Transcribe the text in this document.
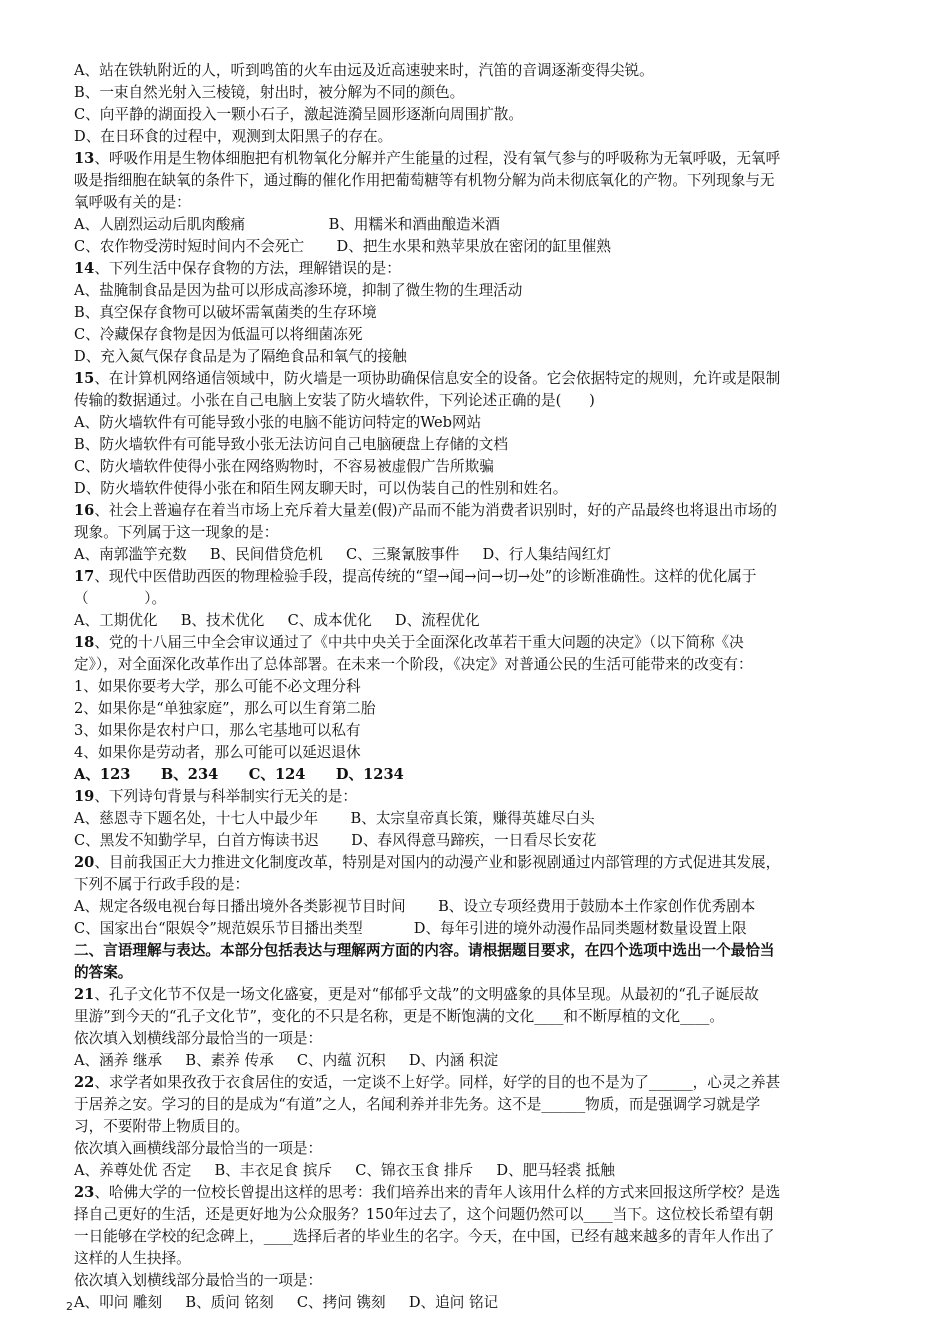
A、站在铁轨附近的人，听到鸣笛的火车由远及近高速驶来时，汽笛的音调逐渐变得尖锐。
B、一束自然光射入三棱镜，射出时，被分解为不同的颜色。
C、向平静的湖面投入一颗小石子，激起涟漪呈圆形逐渐向周围扩散。
D、在日环食的过程中，观测到太阳黑子的存在。
13、呼吸作用是生物体细胞把有机物氧化分解并产生能量的过程，没有氧气参与的呼吸称为无氧呼吸，无氧呼
吸是指细胞在缺氧的条件下，通过酶的催化作用把葡萄糖等有机物分解为尚未彻底氧化的产物。下列现象与无
氧呼吸有关的是：
A、人剧烈运动后肌肉酸痛                  B、用糯米和酒曲酿造米酒
C、农作物受涝时短时间内不会死亡       D、把生水果和熟苹果放在密闭的缸里催熟
14、下列生活中保存食物的方法，理解错误的是：
A、盐腌制食品是因为盐可以形成高渗环境，抑制了微生物的生理活动
B、真空保存食物可以破坏需氧菌类的生存环境
C、冷藏保存食物是因为低温可以将细菌冻死
D、充入氮气保存食品是为了隔绝食品和氧气的接触
15、在计算机网络通信领域中，防火墙是一项协助确保信息安全的设备。它会依据特定的规则，允许或是限制
传输的数据通过。小张在自己电脑上安装了防火墙软件，下列论述正确的是(      )
A、防火墙软件有可能导致小张的电脑不能访问特定的Web网站
B、防火墙软件有可能导致小张无法访问自己电脑硬盘上存储的文档
C、防火墙软件使得小张在网络购物时，不容易被虚假广告所欺骗
D、防火墙软件使得小张在和陌生网友聊天时，可以伪装自己的性别和姓名。
16、社会上普遍存在着当市场上充斥着大量差(假)产品而不能为消费者识别时，好的产品最终也将退出市场的
现象。下列属于这一现象的是：
A、南郭滥竽充数     B、民间借贷危机     C、三聚氰胺事件     D、行人集结闯红灯
17、现代中医借助西医的物理检验手段，提高传统的“望→闻→问→切→处”的诊断准确性。这样的优化属于
（            ）。
A、工期优化     B、技术优化     C、成本优化     D、流程优化
18、党的十八届三中全会审议通过了《中共中央关于全面深化改革若干重大问题的决定》（以下简称《决
定》），对全面深化改革作出了总体部署。在未来一个阶段，《决定》对普通公民的生活可能带来的改变有：
1、如果你要考大学，那么可能不必文理分科
2、如果你是“单独家庭”，那么可以生育第二胎
3、如果你是农村户口，那么宅基地可以私有
4、如果你是劳动者，那么可能可以延迟退休
A、123      B、234      C、124      D、1234
19、下列诗句背景与科举制实行无关的是：
A、慈恩寺下题名处，十七人中最少年       B、太宗皇帝真长策，赚得英雄尽白头
C、黑发不知勤学早，白首方悔读书迟       D、春风得意马蹄疾，一日看尽长安花
20、目前我国正大力推进文化制度改革，特别是对国内的动漫产业和影视剧通过内部管理的方式促进其发展，
下列不属于行政手段的是：
A、规定各级电视台每日播出境外各类影视节目时间       B、设立专项经费用于鼓励本土作家创作优秀剧本
C、国家出台“限娱令”规范娱乐节目播出类型           D、每年引进的境外动漫作品同类题材数量设置上限
二、言语理解与表达。本部分包括表达与理解两方面的内容。请根据题目要求，在四个选项中选出一个最恰当
的答案。
21、孔子文化节不仅是一场文化盛宴，更是对“郁郁乎文哉”的文明盛象的具体呈现。从最初的“孔子诞辰故
里游”到今天的“孔子文化节”，变化的不只是名称，更是不断饱满的文化____和不断厚植的文化____。
依次填入划横线部分最恰当的一项是：
A、涵养 继承     B、素养 传承     C、内蕴 沉积     D、内涵 积淀
22、求学者如果孜孜于衣食居住的安适，一定谈不上好学。同样，好学的目的也不是为了______，心灵之养甚
于居养之安。学习的目的是成为“有道”之人，名闻利养并非先务。这不是______物质，而是强调学习就是学
习，不要附带上物质目的。
依次填入画横线部分最恰当的一项是：
A、养尊处优 否定     B、丰衣足食 摈斥     C、锦衣玉食 排斥     D、肥马轻裘 抵触
23、哈佛大学的一位校长曾提出这样的思考：我们培养出来的青年人该用什么样的方式来回报这所学校？是选
择自己更好的生活，还是更好地为公众服务？150年过去了，这个问题仍然可以____当下。这位校长希望有朝
一日能够在学校的纪念碑上，____选择后者的毕业生的名字。今天，在中国，已经有越来越多的青年人作出了
这样的人生抉择。
依次填入划横线部分最恰当的一项是：
A、叩问 雕刻     B、质问 铭刻     C、拷问 镌刻     D、追问 铭记
2
